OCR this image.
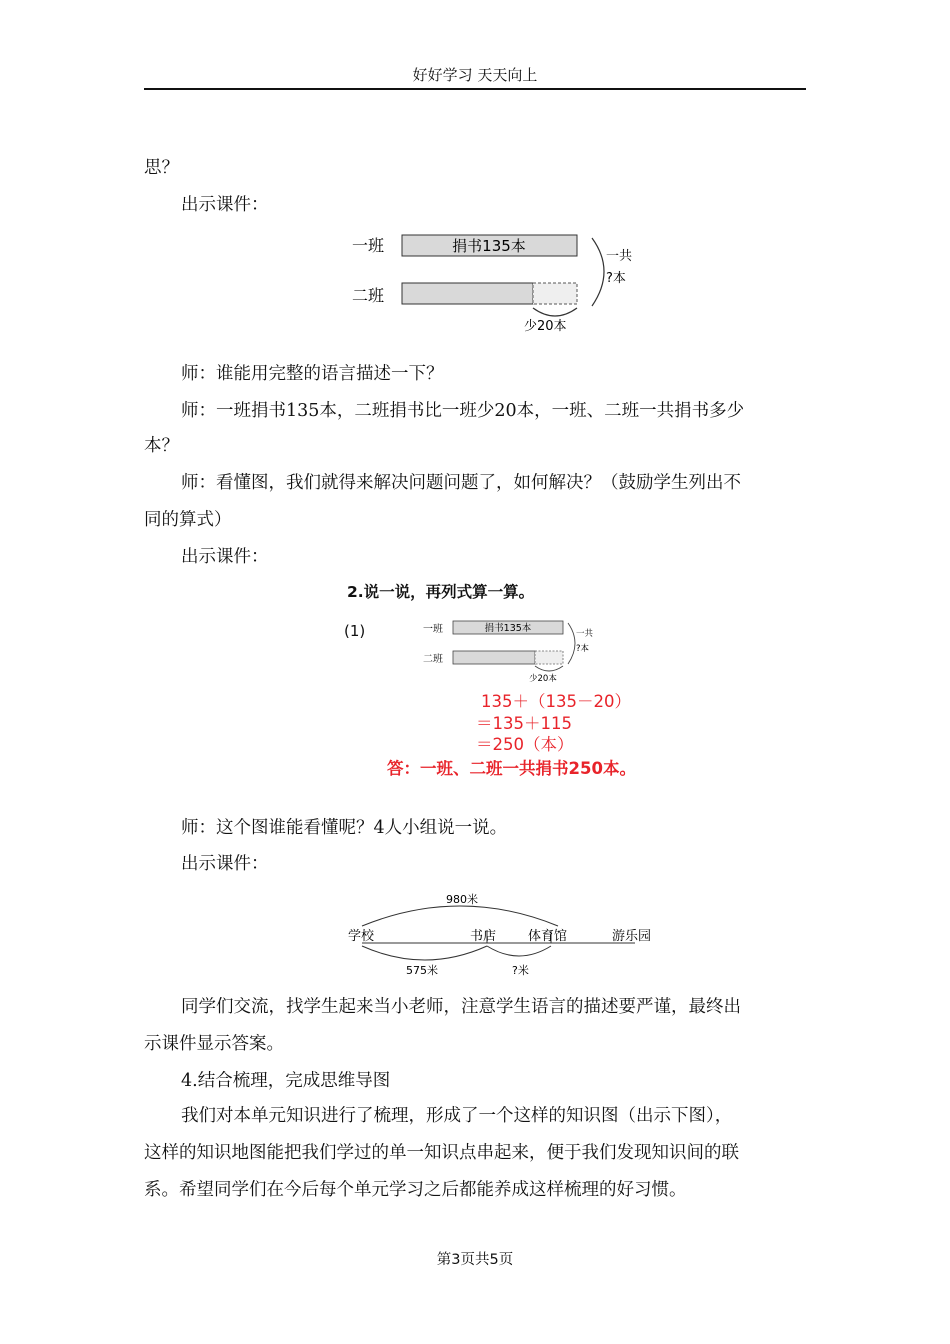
好好学习 天天向上
思？
出示课件：
一班
二班
捐书135本
一共
?本
少20本
师：谁能用完整的语言描述一下？
师：一班捐书135本，二班捐书比一班少20本，一班、二班一共捐书多少
本？
师：看懂图，我们就得来解决问题问题了，如何解决？（鼓励学生列出不
同的算式）
出示课件：
2.说一说，再列式算一算。
(1)	一班
二班
捐书135本	一共
?本
少20本
135＋（135－20）
＝135＋115
＝250（本）
答：一班、二班一共捐书250本。
师：这个图谁能看懂呢？4人小组说一说。
出示课件：
980米
学校	书店 体育馆	游乐园
575米	?米
同学们交流，找学生起来当小老师，注意学生语言的描述要严谨，最终出
示课件显示答案。
4.结合梳理，完成思维导图
我们对本单元知识进行了梳理，形成了一个这样的知识图（出示下图），
这样的知识地图能把我们学过的单一知识点串起来，便于我们发现知识间的联
系。希望同学们在今后每个单元学习之后都能养成这样梳理的好习惯。
第3页共5页
